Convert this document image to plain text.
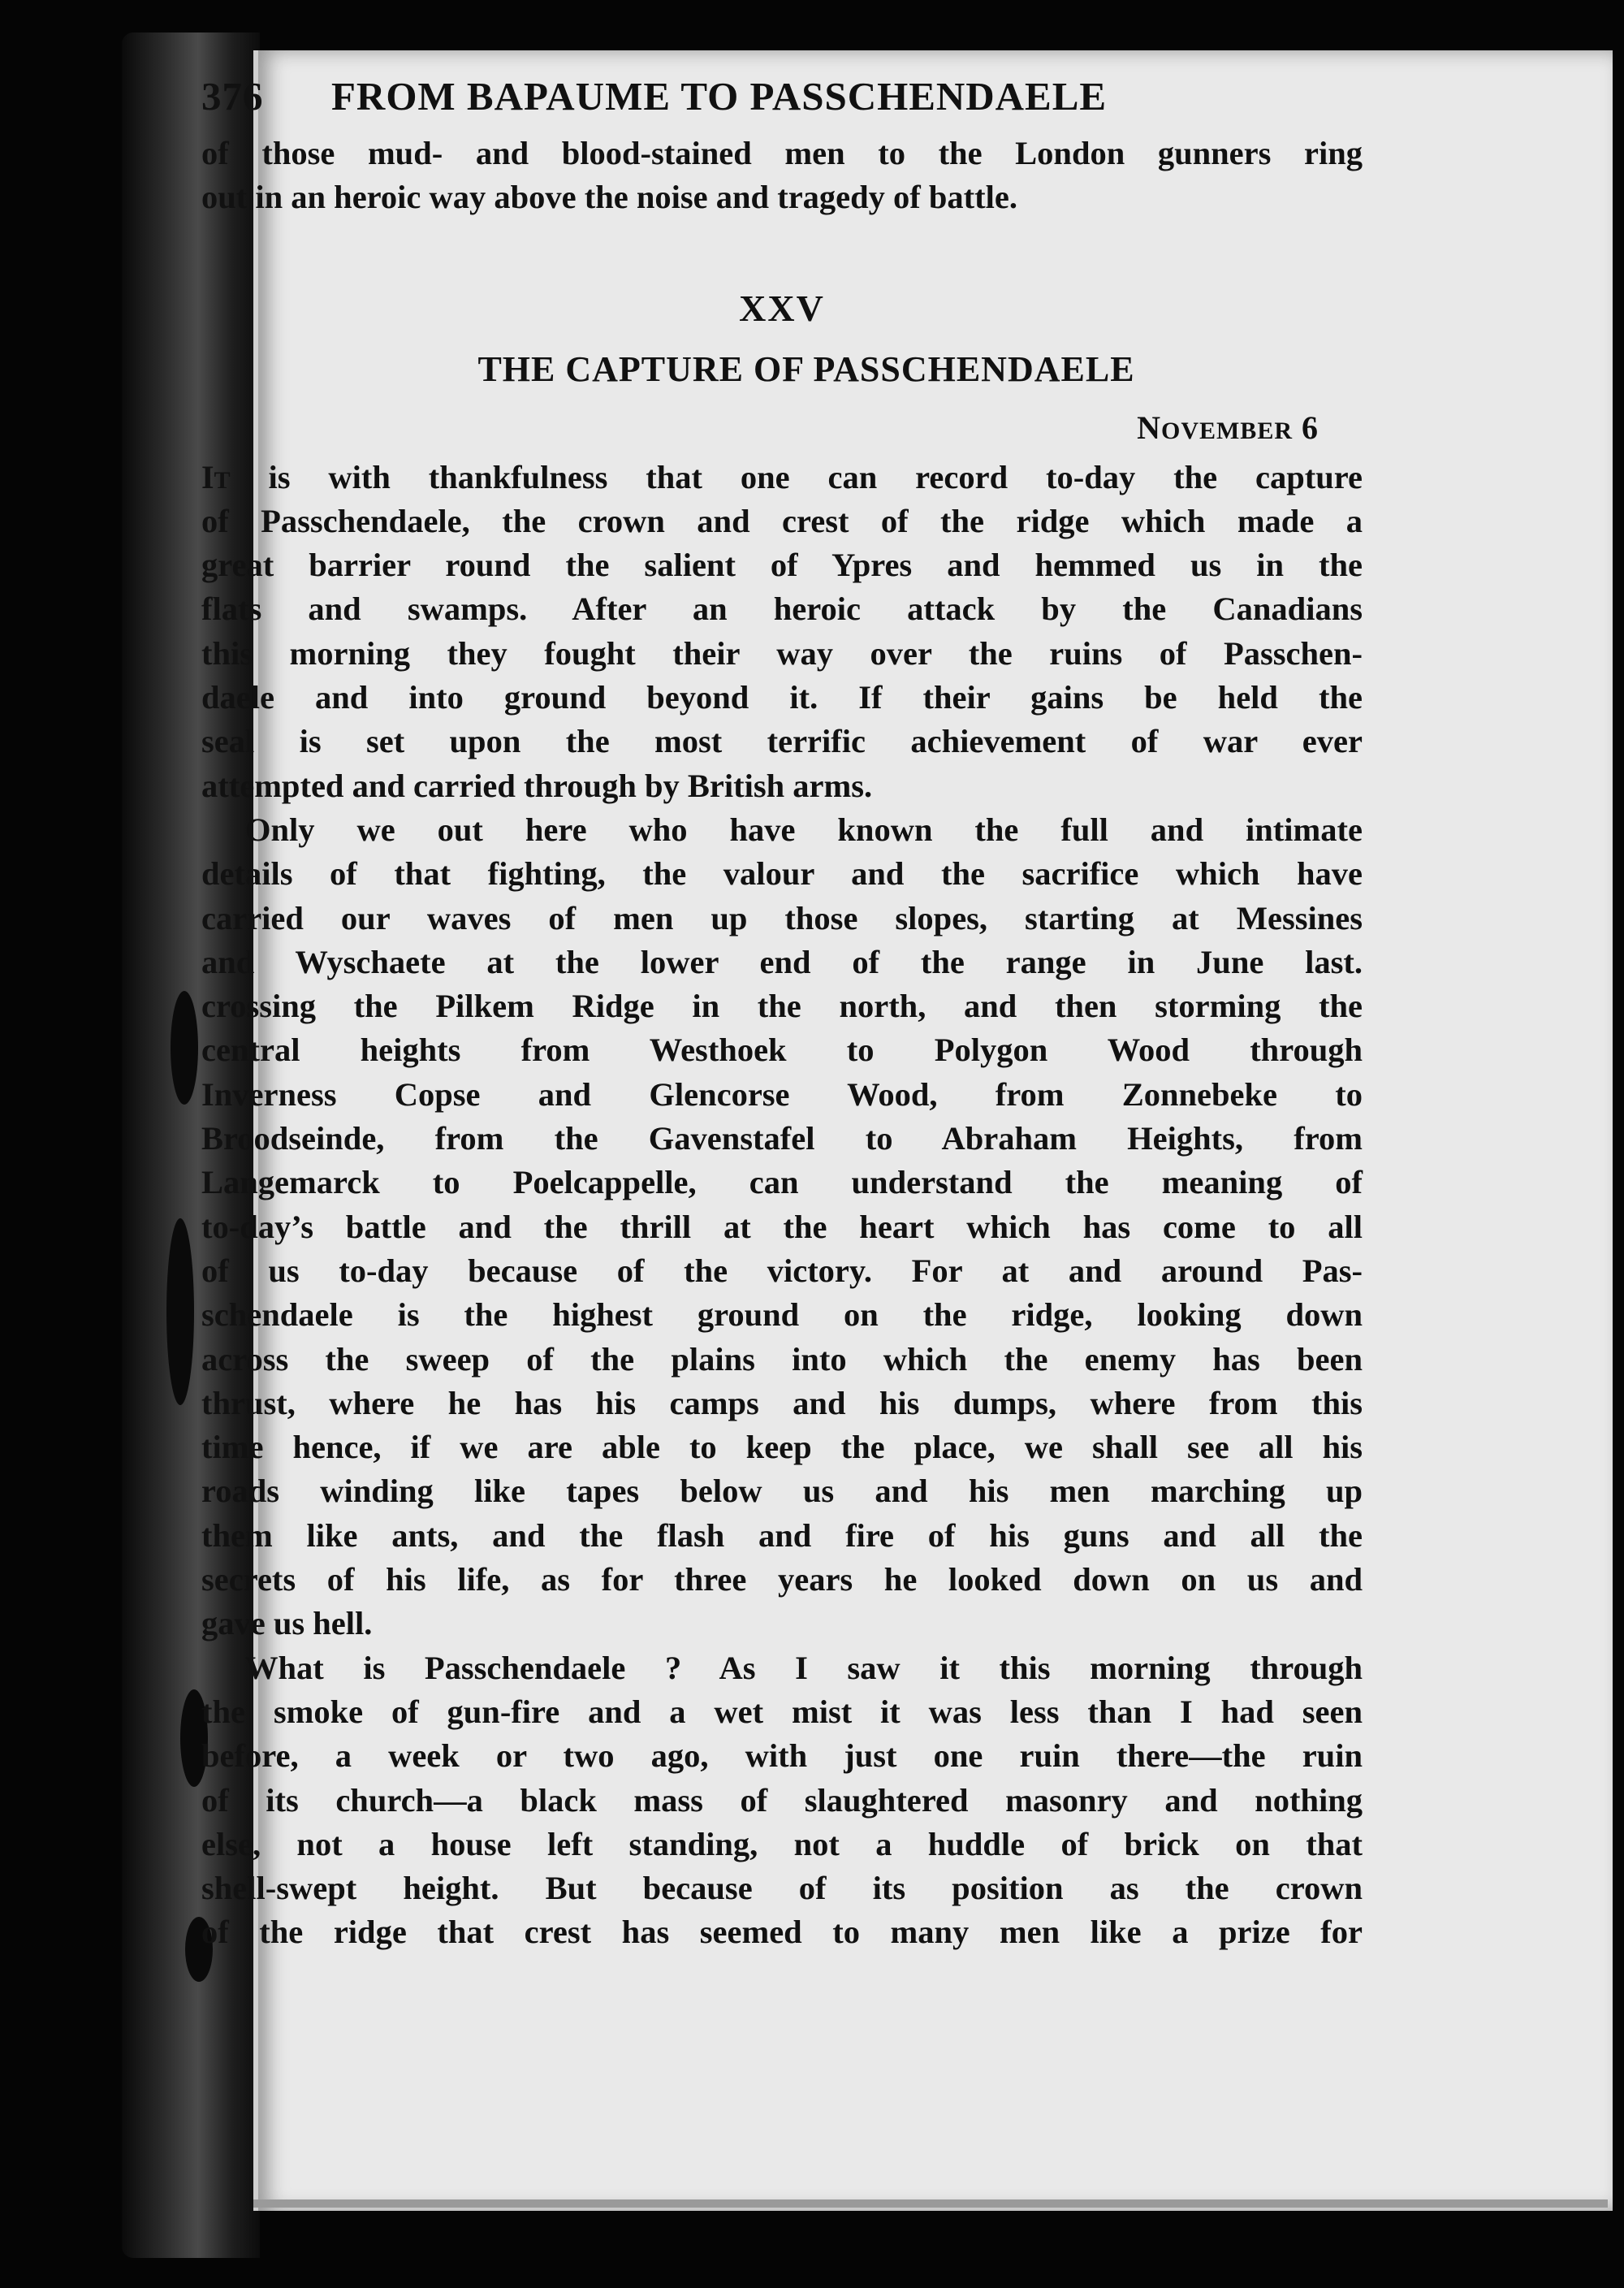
376 FROM BAPAUME TO PASSCHENDAELE
of those mud- and blood-stained men to the London gunners ring
out in an heroic way above the noise and tragedy of battle.
XXV
THE CAPTURE OF PASSCHENDAELE
NOVEMBER 6
IT is with thankfulness that one can record to-day the capture
of Passchendaele, the crown and crest of the ridge which made a
great barrier round the salient of Ypres and hemmed us in the
flats and swamps. After an heroic attack by the Canadians
this morning they fought their way over the ruins of Passchen-
daele and into ground beyond it. If their gains be held the
seal is set upon the most terrific achievement of war ever
attempted and carried through by British arms.
Only we out here who have known the full and intimate
details of that fighting, the valour and the sacrifice which have
carried our waves of men up those slopes, starting at Messines
and Wyschaete at the lower end of the range in June last.
crossing the Pilkem Ridge in the north, and then storming the
central heights from Westhoek to Polygon Wood through
Inverness Copse and Glencorse Wood, from Zonnebeke to
Broodseinde, from the Gavenstafel to Abraham Heights, from
Langemarck to Poelcappelle, can understand the meaning of
to-day’s battle and the thrill at the heart which has come to all
of us to-day because of the victory. For at and around Pas-
schendaele is the highest ground on the ridge, looking down
across the sweep of the plains into which the enemy has been
thrust, where he has his camps and his dumps, where from this
time hence, if we are able to keep the place, we shall see all his
roads winding like tapes below us and his men marching up
them like ants, and the flash and fire of his guns and all the
secrets of his life, as for three years he looked down on us and
gave us hell.
What is Passchendaele ? As I saw it this morning through
the smoke of gun-fire and a wet mist it was less than I had seen
before, a week or two ago, with just one ruin there—the ruin
of its church—a black mass of slaughtered masonry and nothing
else, not a house left standing, not a huddle of brick on that
shell-swept height. But because of its position as the crown
of the ridge that crest has seemed to many men like a prize for
